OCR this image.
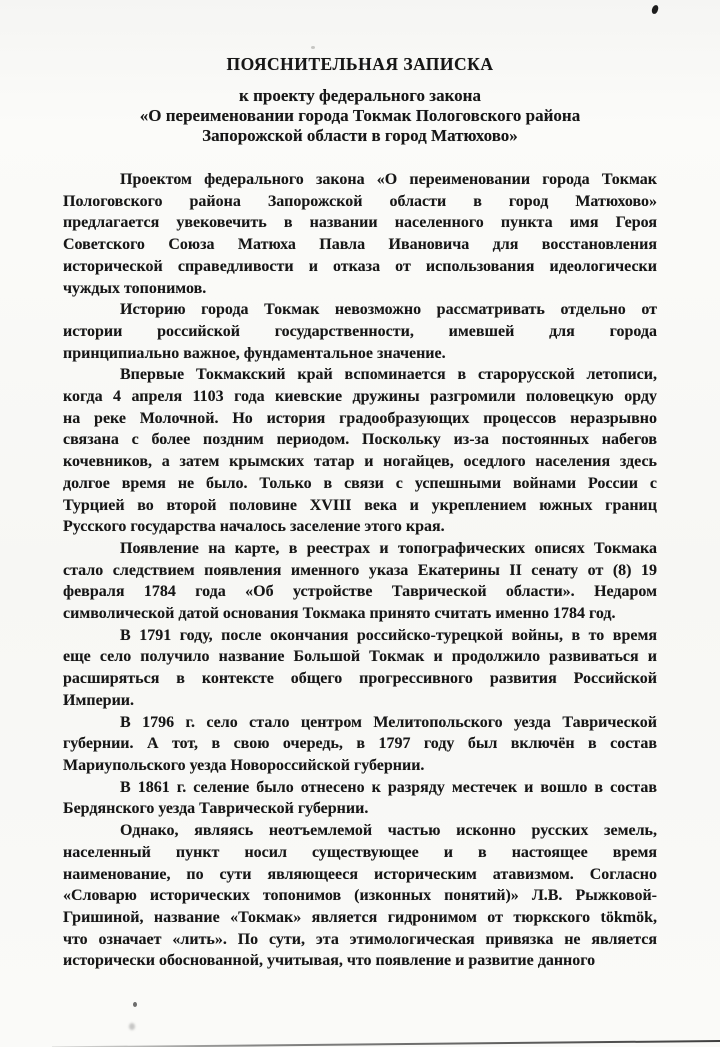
ПОЯСНИТЕЛЬНАЯ ЗАПИСКА
к проекту федерального закона
«О переименовании города Токмак Пологовского района
Запорожской области в город Матюхово»
Проектом федерального закона «О переименовании города Токмак
Пологовского района Запорожской области в город Матюхово»
предлагается увековечить в названии населенного пункта имя Героя
Советского Союза Матюха Павла Ивановича для восстановления
исторической справедливости и отказа от использования идеологически
чуждых топонимов.
Историю города Токмак невозможно рассматривать отдельно от
истории российской государственности, имевшей для города
принципиально важное, фундаментальное значение.
Впервые Токмакский край вспоминается в старорусской летописи,
когда 4 апреля 1103 года киевские дружины разгромили половецкую орду
на реке Молочной. Но история градообразующих процессов неразрывно
связана с более поздним периодом. Поскольку из-за постоянных набегов
кочевников, а затем крымских татар и ногайцев, оседлого населения здесь
долгое время не было. Только в связи с успешными войнами России с
Турцией во второй половине XVIII века и укреплением южных границ
Русского государства началось заселение этого края.
Появление на карте, в реестрах и топографических описях Токмака
стало следствием появления именного указа Екатерины II сенату от (8) 19
февраля 1784 года «Об устройстве Таврической области». Недаром
символической датой основания Токмака принято считать именно 1784 год.
В 1791 году, после окончания российско-турецкой войны, в то время
еще село получило название Большой Токмак и продолжило развиваться и
расширяться в контексте общего прогрессивного развития Российской
Империи.
В 1796 г. село стало центром Мелитопольского уезда Таврической
губернии. А тот, в свою очередь, в 1797 году был включён в состав
Мариупольского уезда Новороссийской губернии.
В 1861 г. селение было отнесено к разряду местечек и вошло в состав
Бердянского уезда Таврической губернии.
Однако, являясь неотъемлемой частью исконно русских земель,
населенный пункт носил существующее и в настоящее время
наименование, по сути являющееся историческим атавизмом. Согласно
«Словарю исторических топонимов (изконных понятий)» Л.В. Рыжковой-
Гришиной, название «Токмак» является гидронимом от тюркского tökmök,
что означает «лить». По сути, эта этимологическая привязка не является
исторически обоснованной, учитывая, что появление и развитие данного
